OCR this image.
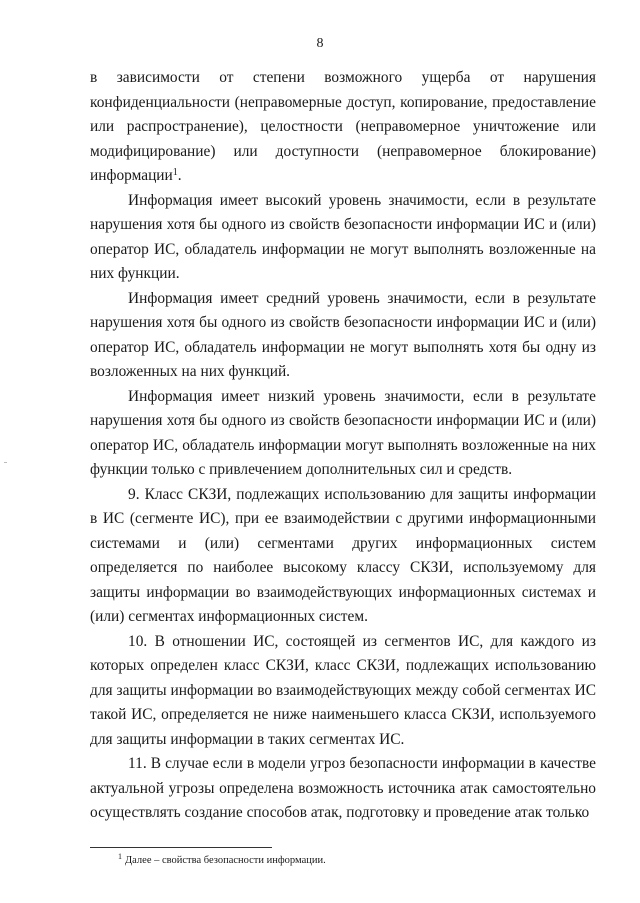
8

в зависимости от степени возможного ущерба от нарушения конфиденциальности (неправомерные доступ, копирование, предоставление или распространение), целостности (неправомерное уничтожение или модифицирование) или доступности (неправомерное блокирование) информации$^1$.

Информация имеет высокий уровень значимости, если в результате нарушения хотя бы одного из свойств безопасности информации ИС и (или) оператор ИС, обладатель информации не могут выполнять возложенные на них функции.

Информация имеет средний уровень значимости, если в результате нарушения хотя бы одного из свойств безопасности информации ИС и (или) оператор ИС, обладатель информации не могут выполнять хотя бы одну из возложенных на них функций.

Информация имеет низкий уровень значимости, если в результате нарушения хотя бы одного из свойств безопасности информации ИС и (или) оператор ИС, обладатель информации могут выполнять возложенные на них функции только с привлечением дополнительных сил и средств.

9. Класс СКЗИ, подлежащих использованию для защиты информации в ИС (сегменте ИС), при ее взаимодействии с другими информационными системами и (или) сегментами других информационных систем определяется по наиболее высокому классу СКЗИ, используемому для защиты информации во взаимодействующих информационных системах и (или) сегментах информационных систем.

10. В отношении ИС, состоящей из сегментов ИС, для каждого из которых определен класс СКЗИ, класс СКЗИ, подлежащих использованию для защиты информации во взаимодействующих между собой сегментах ИС такой ИС, определяется не ниже наименьшего класса СКЗИ, используемого для защиты информации в таких сегментах ИС.

11. В случае если в модели угроз безопасности информации в качестве актуальной угрозы определена возможность источника атак самостоятельно осуществлять создание способов атак, подготовку и проведение атак только

$^1$ Далее – свойства безопасности информации.
